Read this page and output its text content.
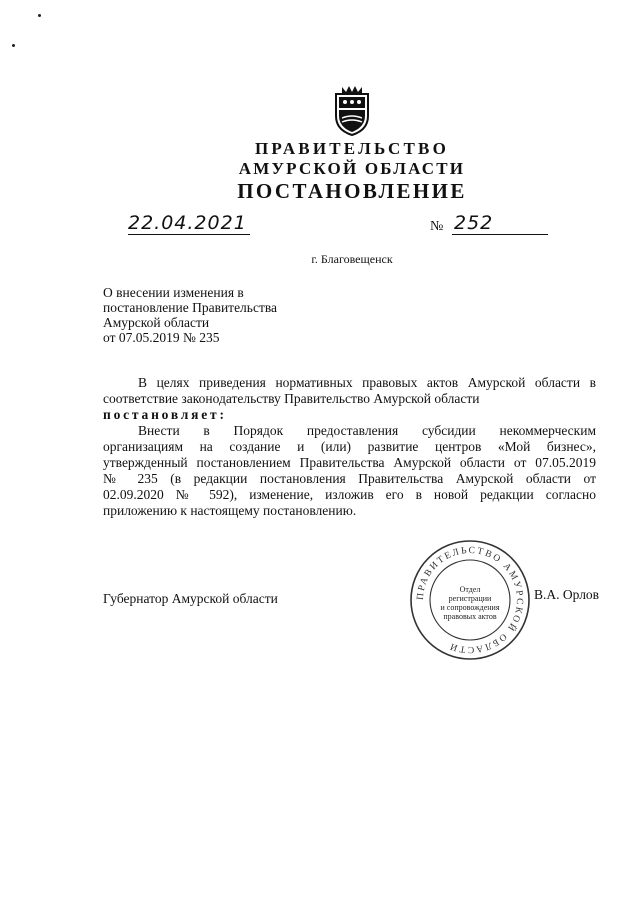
ПРАВИТЕЛЬСТВО
АМУРСКОЙ ОБЛАСТИ
ПОСТАНОВЛЕНИЕ
22.04.2021	№ 252
г. Благовещенск
О внесении изменения в
постановление Правительства
Амурской области
от 07.05.2019 № 235
В целях приведения нормативных правовых актов Амурской области в
соответствие законодательству Правительство Амурской области
постановляет:
Внести в Порядок предоставления субсидии некоммерческим
организациям на создание и (или) развитие центров «Мой бизнес»,
утвержденный постановлением Правительства Амурской области от 07.05.2019
№ 235 (в редакции постановления Правительства Амурской области от
02.09.2020 № 592), изменение, изложив его в новой редакции согласно
приложению к настоящему постановлению.
ПРАВИТЕЛЬСТВО АМУРСКОЙ ОБЛАСТИ
Отдел
регистрации
и сопровождения
правовых актов
Губернатор Амурской области	В.А. Орлов
